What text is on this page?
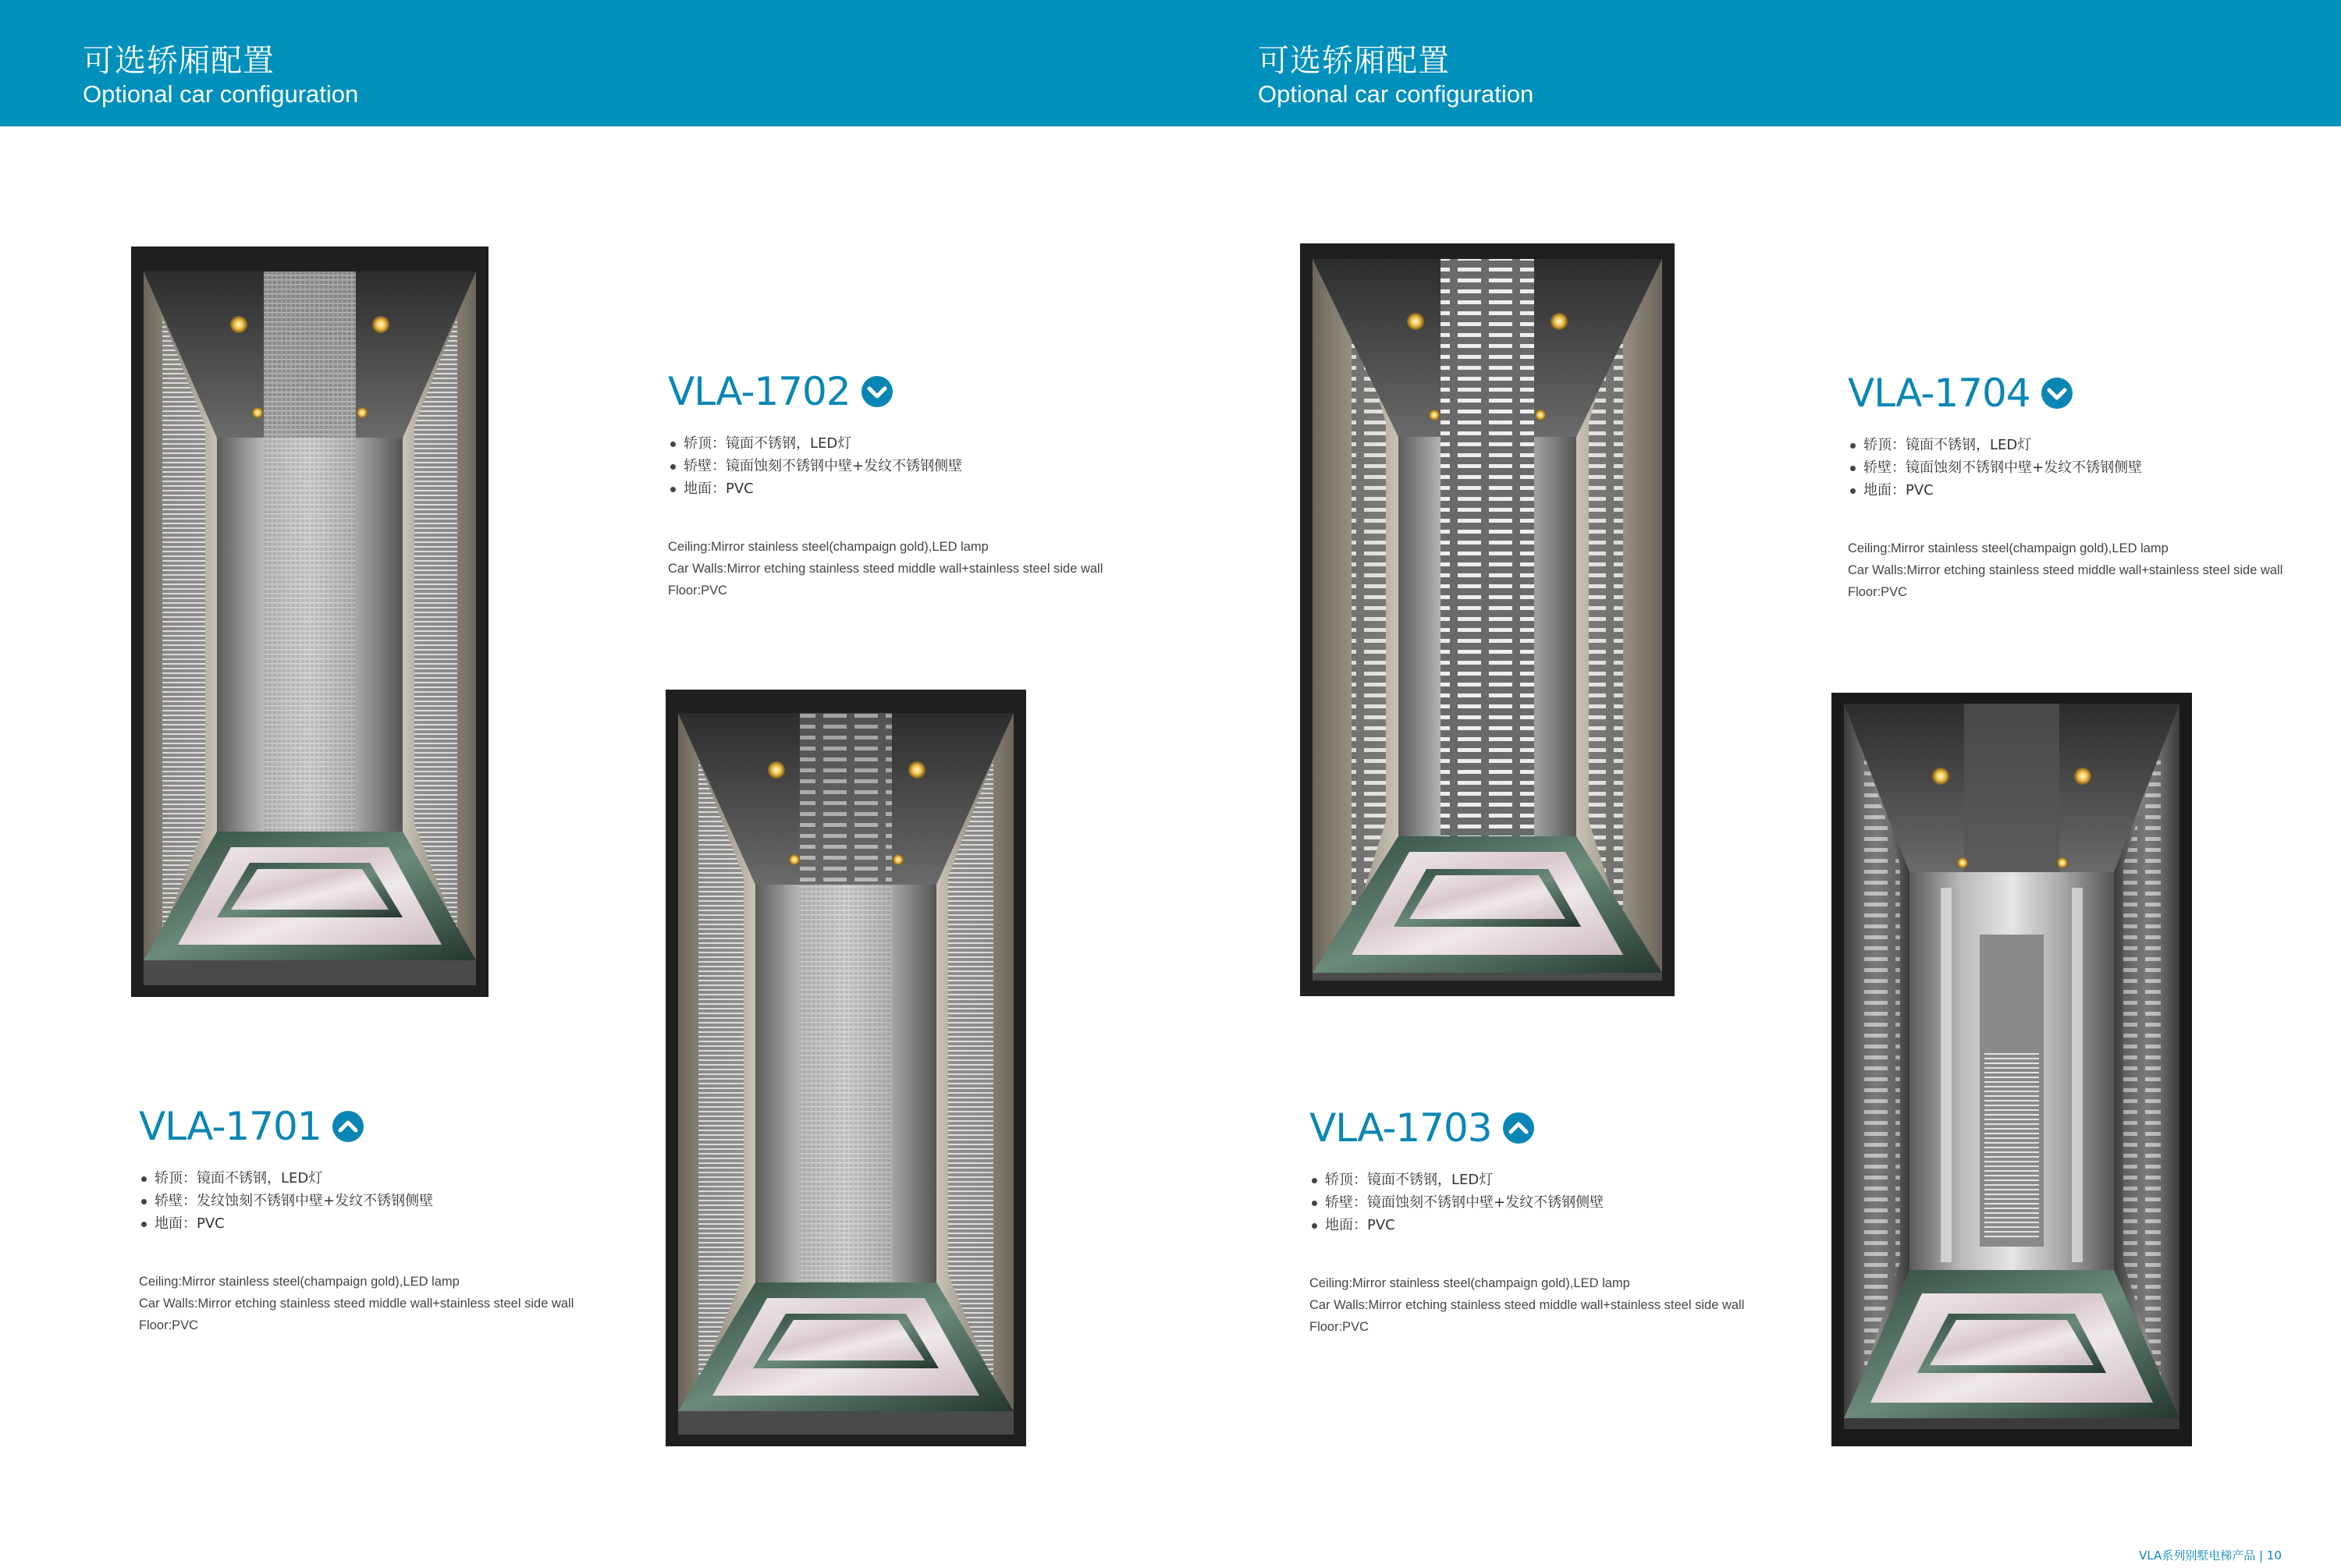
可选轿厢配置
Optional car configuration
可选轿厢配置
Optional car configuration
VLA-1702
轿顶：镜面不锈钢，LED灯
轿壁：镜面蚀刻不锈钢中壁+发纹不锈钢侧壁
地面：PVC

Ceiling:Mirror stainless steel(champaign gold),LED lamp

Car Walls:Mirror etching stainless steed middle wall+stainless steel side wall

Floor:PVC

VLA-1701
轿顶：镜面不锈钢，LED灯
轿壁：发纹蚀刻不锈钢中壁+发纹不锈钢侧壁
地面：PVC

Ceiling:Mirror stainless steel(champaign gold),LED lamp

Car Walls:Mirror etching stainless steed middle wall+stainless steel side wall

Floor:PVC

VLA-1704
轿顶：镜面不锈钢，LED灯
轿壁：镜面蚀刻不锈钢中壁+发纹不锈钢侧壁
地面：PVC

Ceiling:Mirror stainless steel(champaign gold),LED lamp

Car Walls:Mirror etching stainless steed middle wall+stainless steel side wall

Floor:PVC

VLA-1703
轿顶：镜面不锈钢，LED灯
轿壁：镜面蚀刻不锈钢中壁+发纹不锈钢侧壁
地面：PVC

Ceiling:Mirror stainless steel(champaign gold),LED lamp

Car Walls:Mirror etching stainless steed middle wall+stainless steel side wall

Floor:PVC

VLA系列别墅电梯产品 | 10
